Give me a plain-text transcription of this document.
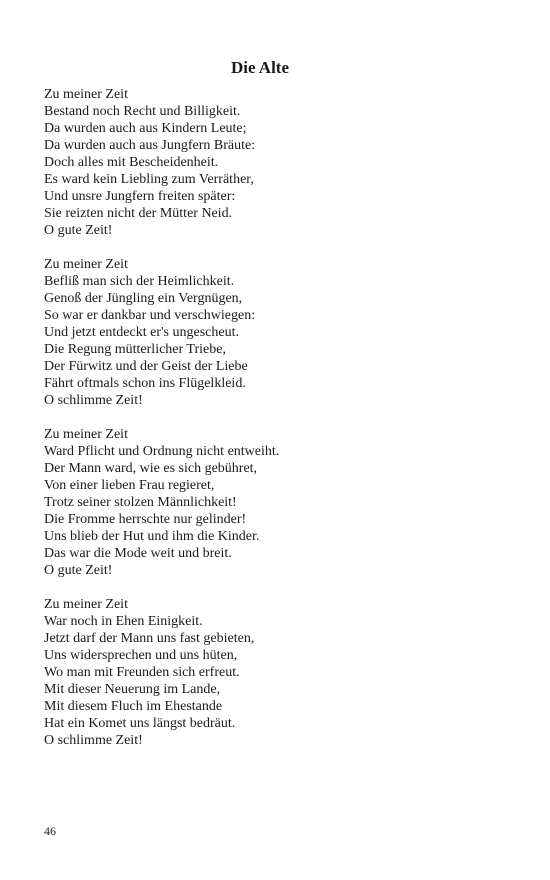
Die Alte
Zu meiner Zeit
Bestand noch Recht und Billigkeit.
Da wurden auch aus Kindern Leute;
Da wurden auch aus Jungfern Bräute:
Doch alles mit Bescheidenheit.
Es ward kein Liebling zum Verräther,
Und unsre Jungfern freiten später:
Sie reizten nicht der Mütter Neid.
O gute Zeit!
Zu meiner Zeit
Befliß man sich der Heimlichkeit.
Genoß der Jüngling ein Vergnügen,
So war er dankbar und verschwiegen:
Und jetzt entdeckt er's ungescheut.
Die Regung mütterlicher Triebe,
Der Fürwitz und der Geist der Liebe
Fährt oftmals schon ins Flügelkleid.
O schlimme Zeit!
Zu meiner Zeit
Ward Pflicht und Ordnung nicht entweiht.
Der Mann ward, wie es sich gebühret,
Von einer lieben Frau regieret,
Trotz seiner stolzen Männlichkeit!
Die Fromme herrschte nur gelinder!
Uns blieb der Hut und ihm die Kinder.
Das war die Mode weit und breit.
O gute Zeit!
Zu meiner Zeit
War noch in Ehen Einigkeit.
Jetzt darf der Mann uns fast gebieten,
Uns widersprechen und uns hüten,
Wo man mit Freunden sich erfreut.
Mit dieser Neuerung im Lande,
Mit diesem Fluch im Ehestande
Hat ein Komet uns längst bedräut.
O schlimme Zeit!
46
